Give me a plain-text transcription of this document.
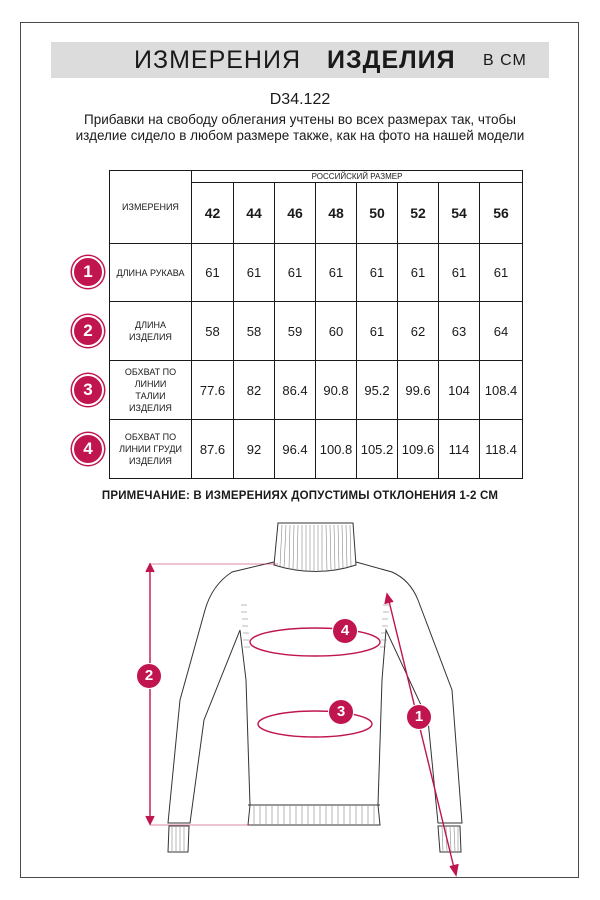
ИЗМЕРЕНИЯ ИЗДЕЛИЯ В СМ
D34.122
Прибавки на свободу облегания учтены во всех размерах так, чтобы изделие сидело в любом размере также, как на фото на нашей модели
ИЗМЕРЕНИЯ	РОССИЙСКИЙ РАЗМЕР							
	42	44	46	48	50	52	54	56
ДЛИНА РУКАВА	61	61	61	61	61	61	61	61
ДЛИНА ИЗДЕЛИЯ	58	58	59	60	61	62	63	64
ОБХВАТ ПО ЛИНИИ ТАЛИИ ИЗДЕЛИЯ	77.6	82	86.4	90.8	95.2	99.6	104	108.4
ОБХВАТ ПО ЛИНИИ ГРУДИ ИЗДЕЛИЯ	87.6	92	96.4	100.8	105.2	109.6	114	118.4
1
2
3
4
ПРИМЕЧАНИЕ: В ИЗМЕРЕНИЯХ ДОПУСТИМЫ ОТКЛОНЕНИЯ 1-2 СМ
1
2
3
4
